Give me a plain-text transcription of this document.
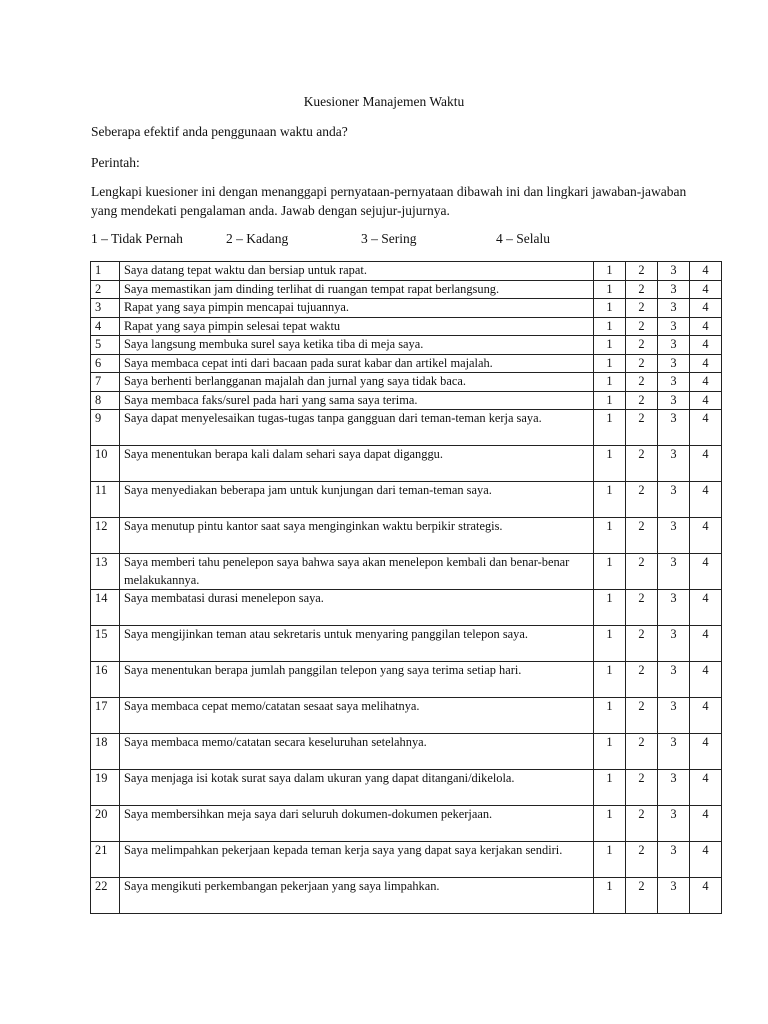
Kuesioner Manajemen Waktu
Seberapa efektif anda penggunaan waktu anda?
Perintah:
Lengkapi kuesioner ini dengan menanggapi pernyataan-pernyataan dibawah ini dan lingkari jawaban-jawaban yang mendekati pengalaman anda. Jawab dengan sejujur-jujurnya.
1 – Tidak Pernah	2 – Kadang	3 – Sering	4 – Selalu
1	Saya datang tepat waktu dan bersiap untuk rapat.	1	2	3	4
2	Saya memastikan jam dinding terlihat di ruangan tempat rapat berlangsung.	1	2	3	4
3	Rapat yang saya pimpin mencapai tujuannya.	1	2	3	4
4	Rapat yang saya pimpin selesai tepat waktu	1	2	3	4
5	Saya langsung membuka surel saya ketika tiba di meja saya.	1	2	3	4
6	Saya membaca cepat inti dari bacaan pada surat kabar dan artikel majalah.	1	2	3	4
7	Saya berhenti berlangganan majalah dan jurnal yang saya tidak baca.	1	2	3	4
8	Saya membaca faks/surel pada hari yang sama saya terima.	1	2	3	4
9	Saya dapat menyelesaikan tugas-tugas tanpa gangguan dari teman-teman kerja saya.	1	2	3	4
10	Saya menentukan berapa kali dalam sehari saya dapat diganggu.	1	2	3	4
11	Saya menyediakan beberapa jam untuk kunjungan dari teman-teman saya.	1	2	3	4
12	Saya menutup pintu kantor saat saya menginginkan waktu berpikir strategis.	1	2	3	4
13	Saya memberi tahu penelepon saya bahwa saya akan menelepon kembali dan benar-benar melakukannya.	1	2	3	4
14	Saya membatasi durasi menelepon saya.	1	2	3	4
15	Saya mengijinkan teman atau sekretaris untuk menyaring panggilan telepon saya.	1	2	3	4
16	Saya menentukan berapa jumlah panggilan telepon yang saya terima setiap hari.	1	2	3	4
17	Saya membaca cepat memo/catatan sesaat saya melihatnya.	1	2	3	4
18	Saya membaca memo/catatan secara keseluruhan setelahnya.	1	2	3	4
19	Saya menjaga isi kotak surat saya dalam ukuran yang dapat ditangani/dikelola.	1	2	3	4
20	Saya membersihkan meja saya dari seluruh dokumen-dokumen pekerjaan.	1	2	3	4
21	Saya melimpahkan pekerjaan kepada teman kerja saya yang dapat saya kerjakan sendiri.	1	2	3	4
22	Saya mengikuti perkembangan pekerjaan yang saya limpahkan.	1	2	3	4
